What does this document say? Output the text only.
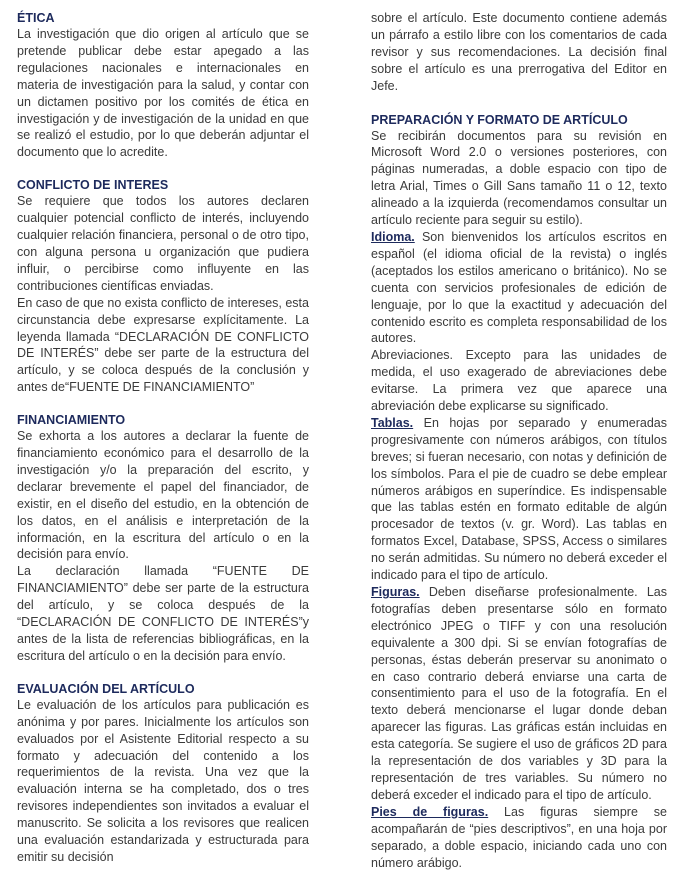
ÉTICA

La investigación que dio origen al artículo que se pretende publicar debe estar apegado a las regulaciones nacionales e internacionales en materia de investigación para la salud, y contar con un dictamen positivo por los comités de ética en investigación y de investigación de la unidad en que se realizó el estudio, por lo que deberán adjuntar el documento que lo acredite.

CONFLICTO DE INTERES

Se requiere que todos los autores declaren cualquier potencial conflicto de interés, incluyendo cualquier relación financiera, personal o de otro tipo, con alguna persona u organización que pudiera influir, o percibirse como influyente en las contribuciones científicas enviadas.

En caso de que no exista conflicto de intereses, esta circunstancia debe expresarse explícitamente. La leyenda llamada “DECLARACIÓN DE CONFLICTO DE INTERÉS” debe ser parte de la estructura del artículo, y se coloca después de la conclusión y antes de“FUENTE DE FINANCIAMIENTO”

FINANCIAMIENTO

Se exhorta a los autores a declarar la fuente de financiamiento económico para el desarrollo de la investigación y/o la preparación del escrito, y declarar brevemente el papel del financiador, de existir, en el diseño del estudio, en la obtención de los datos, en el análisis e interpretación de la información, en la escritura del artículo o en la decisión para envío.

La declaración llamada “FUENTE DE FINANCIAMIENTO” debe ser parte de la estructura del artículo, y se coloca después de la “DECLARACIÓN DE CONFLICTO DE INTERÉS”y antes de la lista de referencias bibliográficas, en la escritura del artículo o en la decisión para envío.

EVALUACIÓN DEL ARTÍCULO

Le evaluación de los artículos para publicación es anónima y por pares. Inicialmente los artículos son evaluados por el Asistente Editorial respecto a su formato y adecuación del contenido a los requerimientos de la revista. Una vez que la evaluación interna se ha completado, dos o tres revisores independientes son invitados a evaluar el manuscrito. Se solicita a los revisores que realicen una evaluación estandarizada y estructurada para emitir su decisión

sobre el artículo. Este documento contiene además un párrafo a estilo libre con los comentarios de cada revisor y sus recomendaciones. La decisión final sobre el artículo es una prerrogativa del Editor en Jefe.

PREPARACIÓN Y FORMATO DE ARTÍCULO

Se recibirán documentos para su revisión en Microsoft Word 2.0 o versiones posteriores, con páginas numeradas, a doble espacio con tipo de letra Arial, Times o Gill Sans tamaño 11 o 12, texto alineado a la izquierda (recomendamos consultar un artículo reciente para seguir su estilo).

Idioma. Son bienvenidos los artículos escritos en español (el idioma oficial de la revista) o inglés (aceptados los estilos americano o británico). No se cuenta con servicios profesionales de edición de lenguaje, por lo que la exactitud y adecuación del contenido escrito es completa responsabilidad de los autores.

Abreviaciones. Excepto para las unidades de medida, el uso exagerado de abreviaciones debe evitarse. La primera vez que aparece una abreviación debe explicarse su significado.

Tablas. En hojas por separado y enumeradas progresivamente con números arábigos, con títulos breves; si fueran necesario, con notas y definición de los símbolos. Para el pie de cuadro se debe emplear números arábigos en superíndice. Es indispensable que las tablas estén en formato editable de algún procesador de textos (v. gr. Word). Las tablas en formatos Excel, Database, SPSS, Access o similares no serán admitidas. Su número no deberá exceder el indicado para el tipo de artículo.

Figuras. Deben diseñarse profesionalmente. Las fotografías deben presentarse sólo en formato electrónico JPEG o TIFF y con una resolución equivalente a 300 dpi. Si se envían fotografías de personas, éstas deberán preservar su anonimato o en caso contrario deberá enviarse una carta de consentimiento para el uso de la fotografía. En el texto deberá mencionarse el lugar donde deban aparecer las figuras. Las gráficas están incluidas en esta categoría. Se sugiere el uso de gráficos 2D para la representación de dos variables y 3D para la representación de tres variables. Su número no deberá exceder el indicado para el tipo de artículo.

Pies de figuras. Las figuras siempre se acompañarán de “pies descriptivos”, en una hoja por separado, a doble espacio, iniciando cada uno con número arábigo.
